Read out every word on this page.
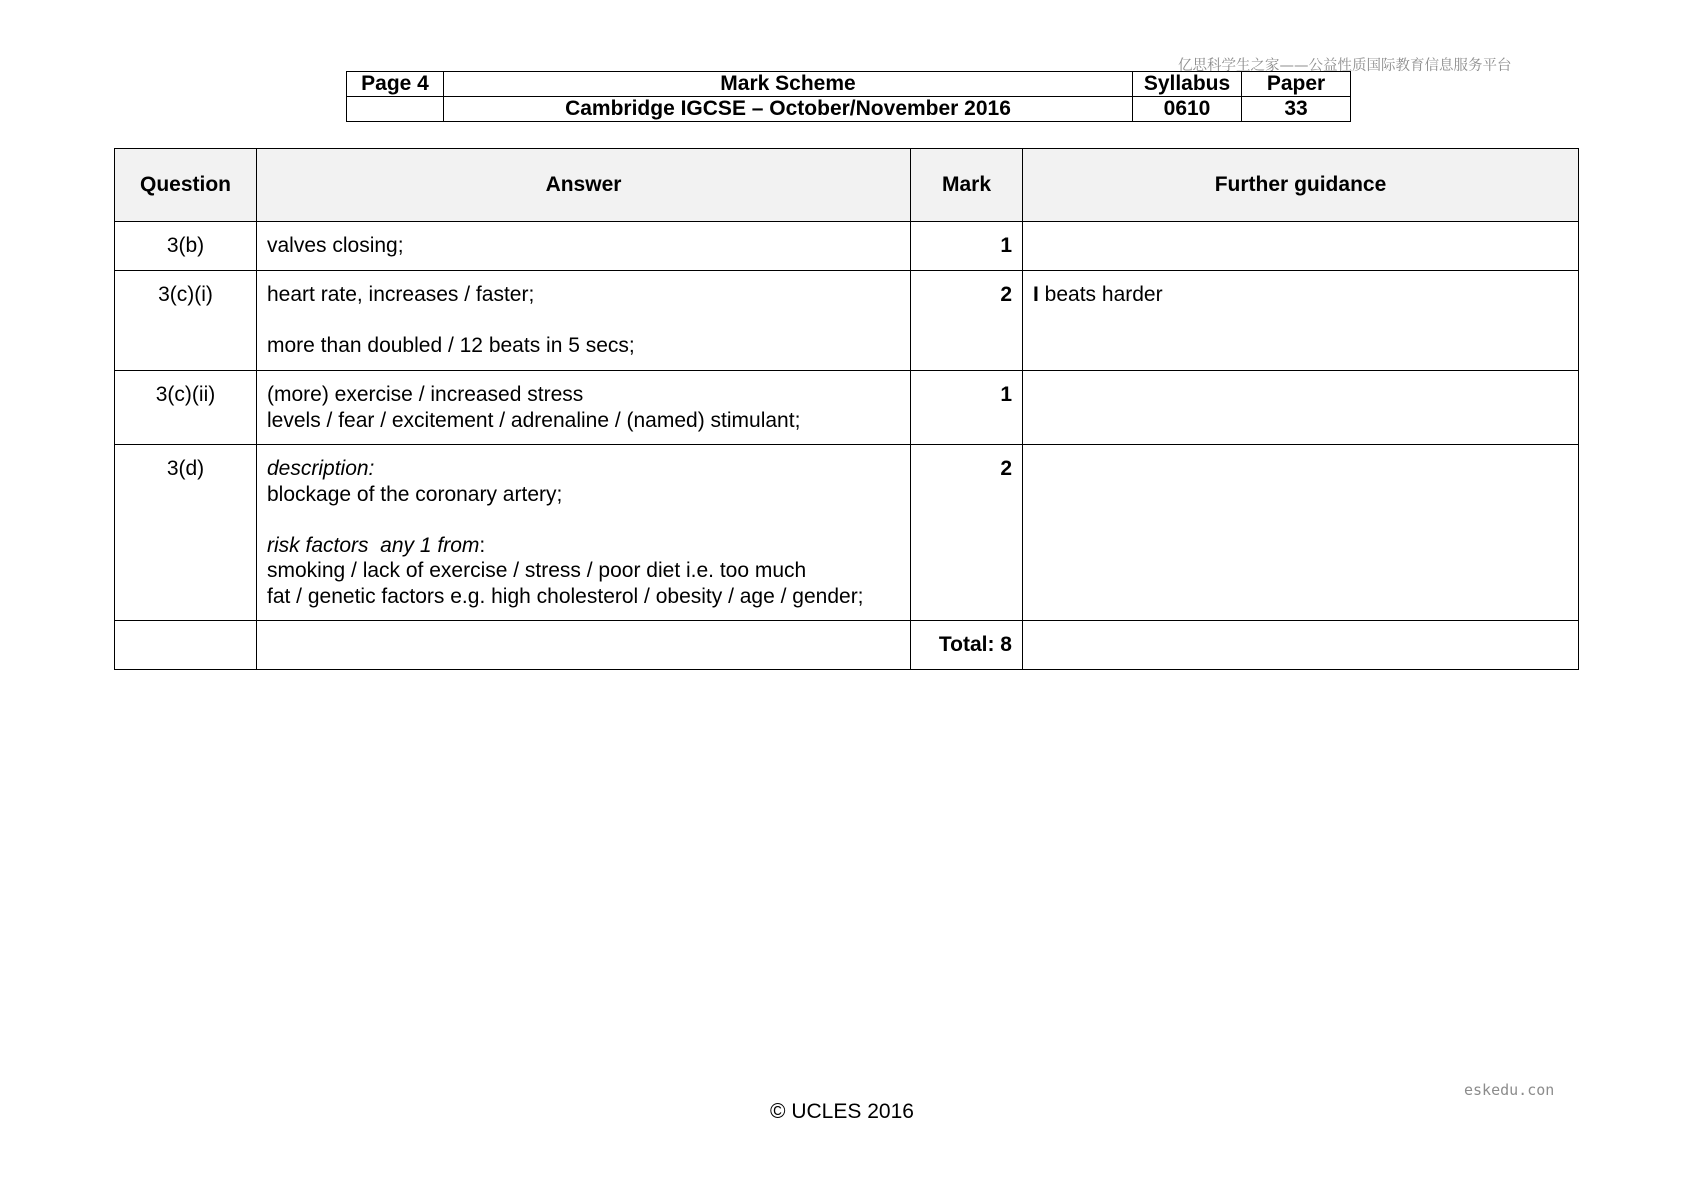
亿思科学生之家——公益性质国际教育信息服务平台
Page 4	Mark Scheme	Syllabus	Paper
	Cambridge IGCSE – October/November 2016	0610	33
Question	Answer	Mark	Further guidance
3(b)	valves closing;	1	
3(c)(i)	heart rate, increases / faster;
more than doubled / 12 beats in 5 secs;	2	I beats harder
3(c)(ii)	(more) exercise / increased stress
levels / fear / excitement / adrenaline / (named) stimulant;	1	
3(d)	description:
blockage of the coronary artery;
risk factors  any 1 from:
smoking / lack of exercise / stress / poor diet i.e. too much
fat / genetic factors e.g. high cholesterol / obesity / age / gender;	2	
		Total: 8	
eskedu.con
© UCLES 2016
